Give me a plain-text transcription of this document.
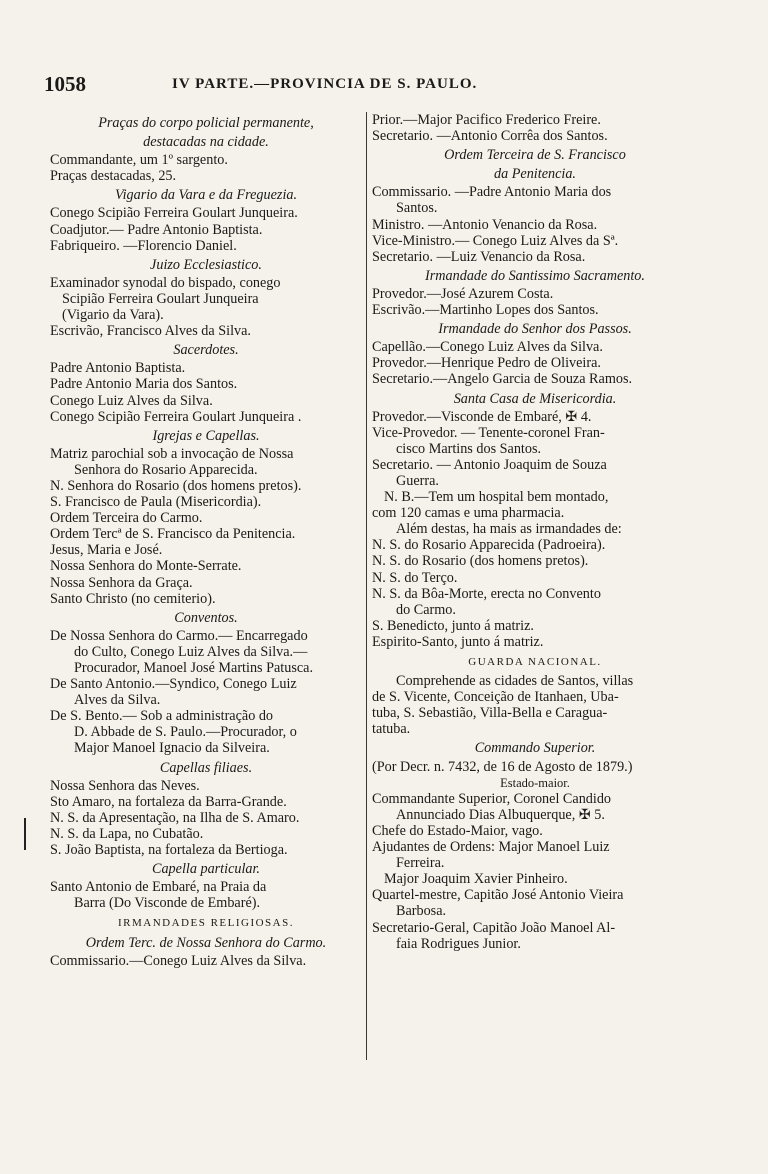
1058	IV PARTE.—PROVINCIA DE S. PAULO.
Praças do corpo policial permanente,
destacadas na cidade.
Commandante, um 1º sargento.
Praças destacadas, 25.
Vigario da Vara e da Freguezia.
Conego Scipião Ferreira Goulart Junqueira.
Coadjutor.— Padre Antonio Baptista.
Fabriqueiro. —Florencio Daniel.
Juizo Ecclesiastico.
Examinador synodal do bispado, conego
Scipião Ferreira Goulart Junqueira
(Vigario da Vara).
Escrivão, Francisco Alves da Silva.
Sacerdotes.
Padre Antonio Baptista.
Padre Antonio Maria dos Santos.
Conego Luiz Alves da Silva.
Conego Scipião Ferreira Goulart Junqueira .
Igrejas e Capellas.
Matriz parochial sob a invocação de Nossa
Senhora do Rosario Apparecida.
N. Senhora do Rosario (dos homens pretos).
S. Francisco de Paula (Misericordia).
Ordem Terceira do Carmo.
Ordem Tercª de S. Francisco da Penitencia.
Jesus, Maria e José.
Nossa Senhora do Monte-Serrate.
Nossa Senhora da Graça.
Santo Christo (no cemiterio).
Conventos.
De Nossa Senhora do Carmo.— Encarregado
do Culto, Conego Luiz Alves da Silva.—
Procurador, Manoel José Martins Patusca.
De Santo Antonio.—Syndico, Conego Luiz
Alves da Silva.
De S. Bento.— Sob a administração do
D. Abbade de S. Paulo.—Procurador, o
Major Manoel Ignacio da Silveira.
Capellas filiaes.
Nossa Senhora das Neves.
Sto Amaro, na fortaleza da Barra-Grande.
N. S. da Apresentação, na Ilha de S. Amaro.
N. S. da Lapa, no Cubatão.
S. João Baptista, na fortaleza da Bertioga.
Capella particular.
Santo Antonio de Embaré, na Praia da
Barra (Do Visconde de Embaré).
IRMANDADES RELIGIOSAS.
Ordem Terc. de Nossa Senhora do Carmo.
Commissario.—Conego Luiz Alves da Silva.
Prior.—Major Pacifico Frederico Freire.
Secretario. —Antonio Corrêa dos Santos.
Ordem Terceira de S. Francisco
da Penitencia.
Commissario. —Padre Antonio Maria dos
Santos.
Ministro. —Antonio Venancio da Rosa.
Vice-Ministro.— Conego Luiz Alves da Sª.
Secretario. —Luiz Venancio da Rosa.
Irmandade do Santissimo Sacramento.
Provedor.—José Azurem Costa.
Escrivão.—Martinho Lopes dos Santos.
Irmandade do Senhor dos Passos.
Capellão.—Conego Luiz Alves da Silva.
Provedor.—Henrique Pedro de Oliveira.
Secretario.—Angelo Garcia de Souza Ramos.
Santa Casa de Misericordia.
Provedor.—Visconde de Embaré, ✠ 4.
Vice-Provedor. — Tenente-coronel Fran-
cisco Martins dos Santos.
Secretario. — Antonio Joaquim de Souza
Guerra.
N. B.—Tem um hospital bem montado,
com 120 camas e uma pharmacia.
Além destas, ha mais as irmandades de:
N. S. do Rosario Apparecida (Padroeira).
N. S. do Rosario (dos homens pretos).
N. S. do Terço.
N. S. da Bôa-Morte, erecta no Convento
do Carmo.
S. Benedicto, junto á matriz.
Espirito-Santo, junto á matriz.
GUARDA NACIONAL.
Comprehende as cidades de Santos, villas
de S. Vicente, Conceição de Itanhaen, Uba-
tuba, S. Sebastião, Villa-Bella e Caragua-
tatuba.
Commando Superior.
(Por Decr. n. 7432, de 16 de Agosto de 1879.)
Estado-maior.
Commandante Superior, Coronel Candido
Annunciado Dias Albuquerque, ✠ 5.
Chefe do Estado-Maior, vago.
Ajudantes de Ordens: Major Manoel Luiz
Ferreira.
Major Joaquim Xavier Pinheiro.
Quartel-mestre, Capitão José Antonio Vieira
Barbosa.
Secretario-Geral, Capitão João Manoel Al-
faia Rodrigues Junior.
